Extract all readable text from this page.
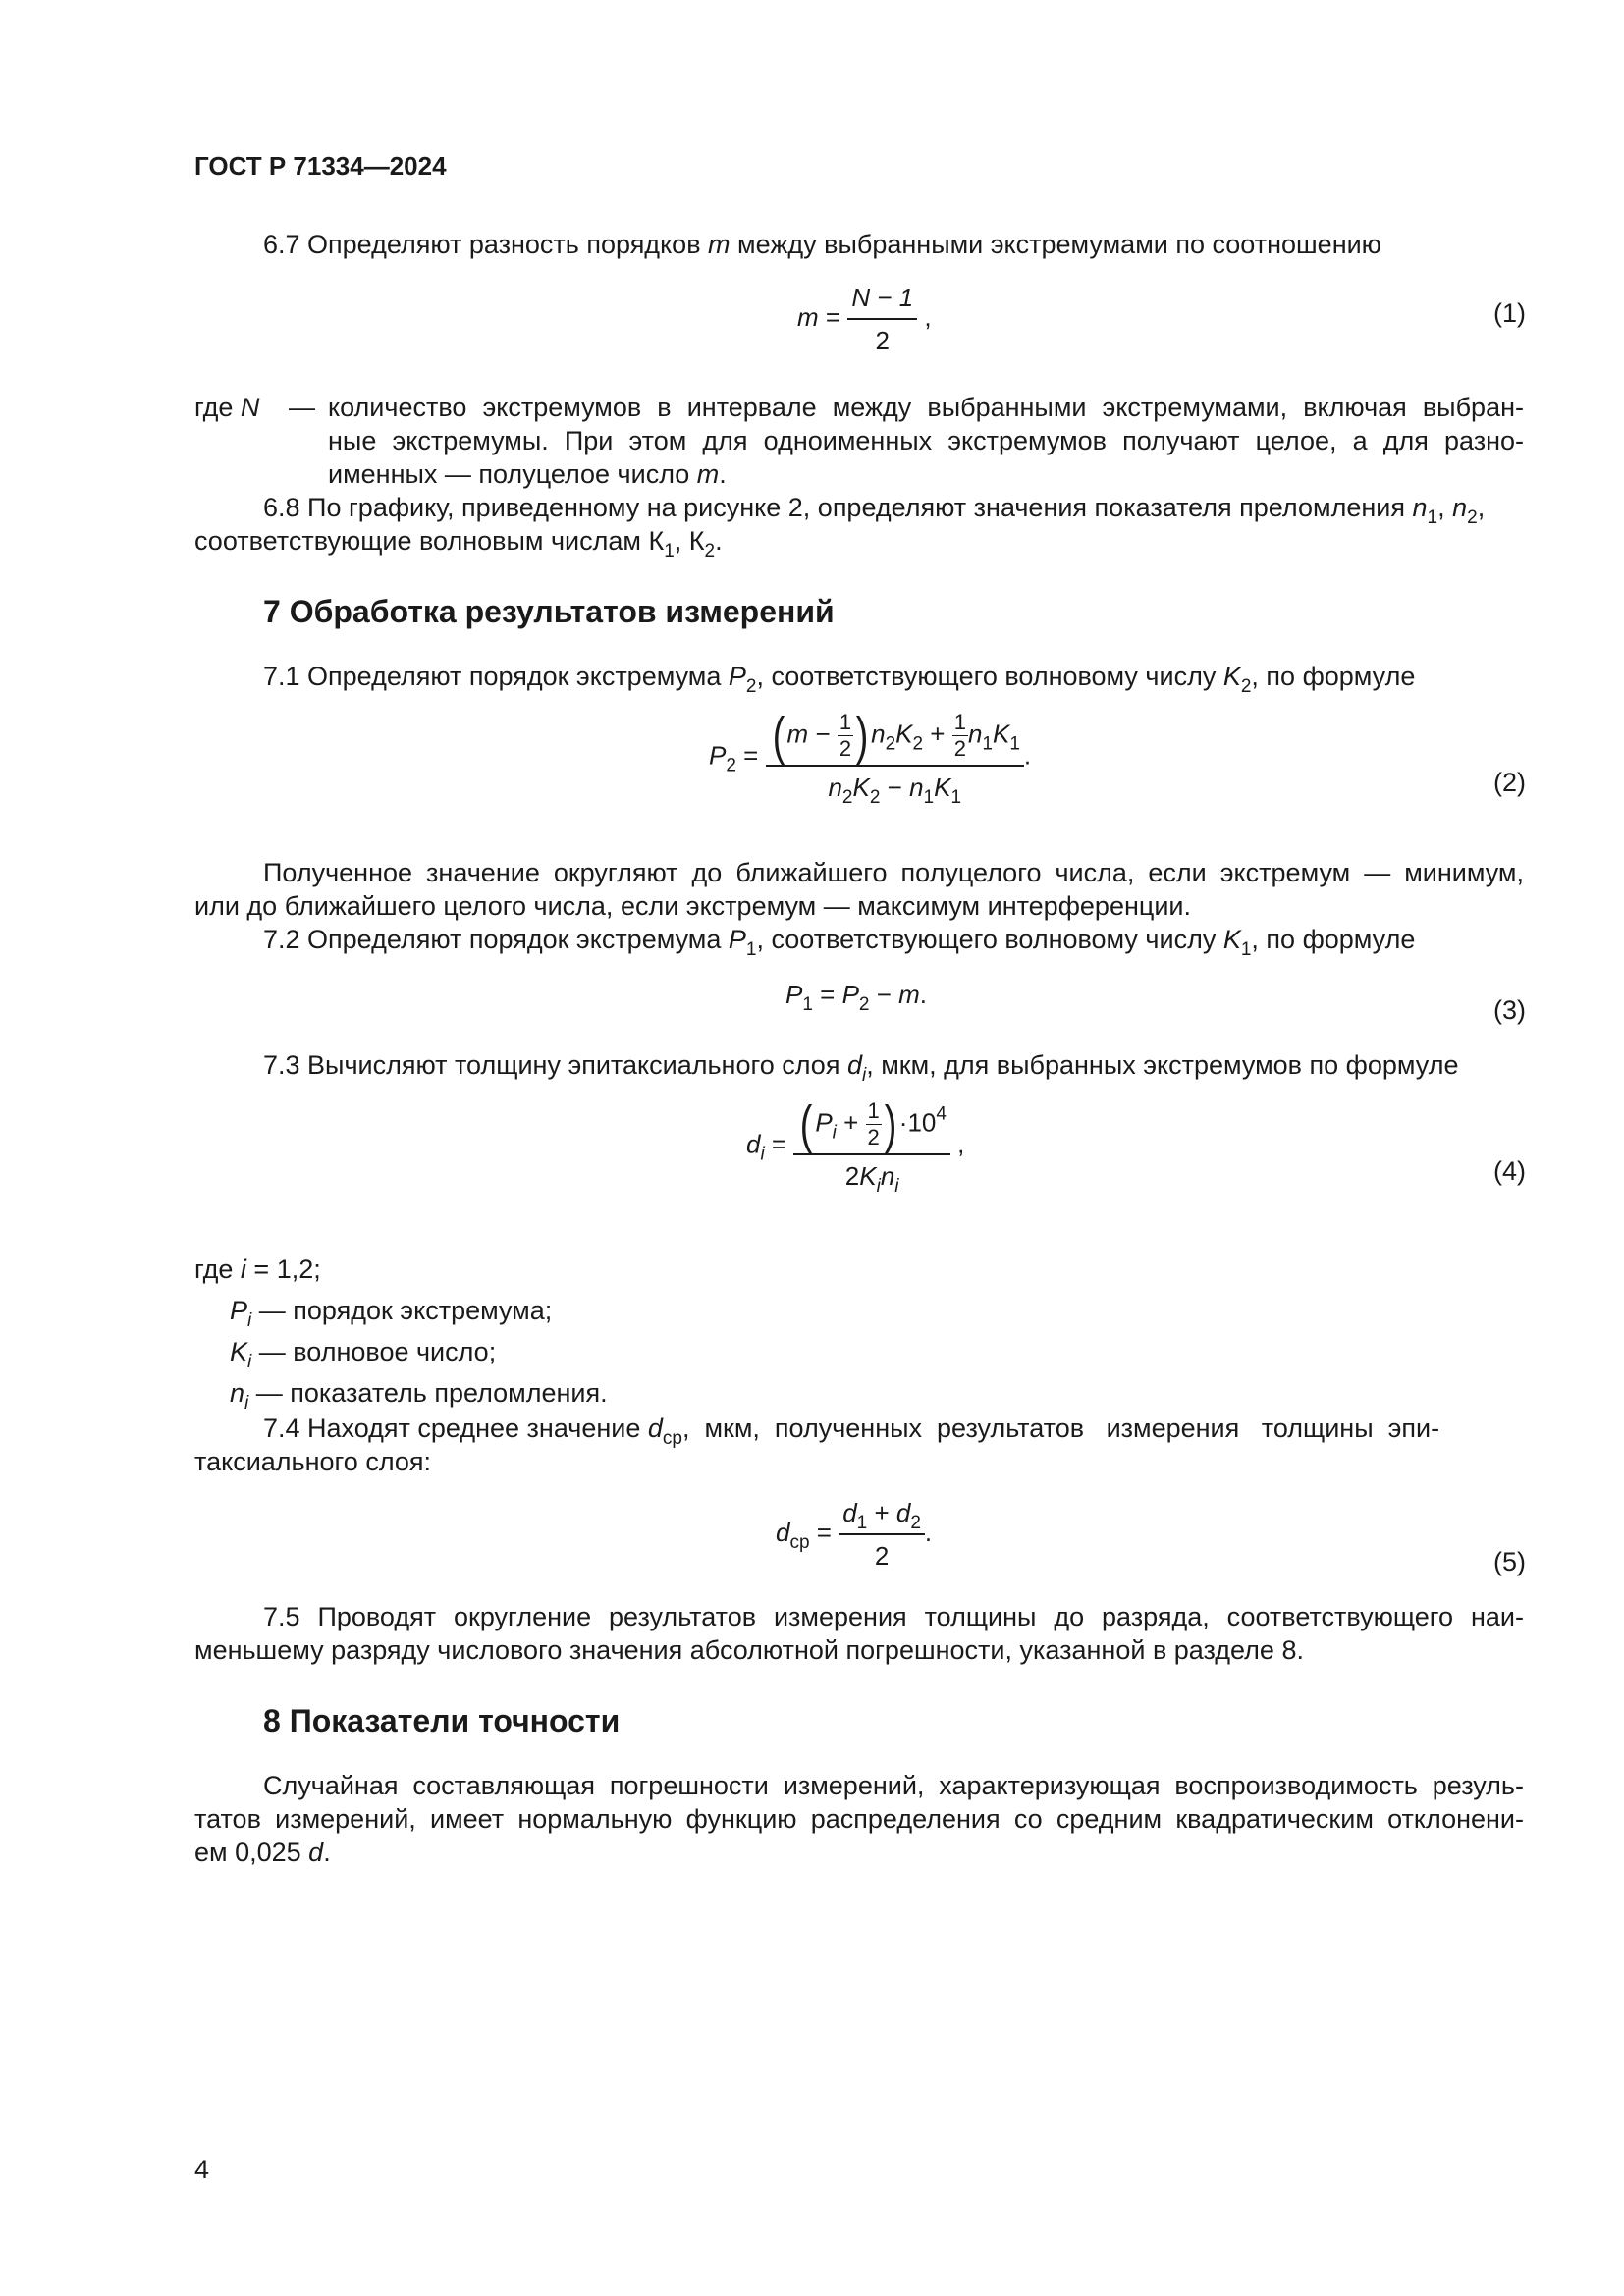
ГОСТ Р 71334—2024
6.7 Определяют разность порядков m между выбранными экстремумами по соотношению
$m = \frac{N - 1}{2}$ ,	(1)
где N — количество экстремумов в интервале между выбранными экстремумами, включая выбран-
ные экстремумы. При этом для одноименных экстремумов получают целое, а для разно-
именных — полуцелое число m.
6.8 По графику, приведенному на рисунке 2, определяют значения показателя преломления $n_1$, $n_2$,
соответствующие волновым числам $К_1$, $К_2$.
7 Обработка результатов измерений
7.1 Определяют порядок экстремума $P_2$, соответствующего волновому числу $K_2$, по формуле
$P_2 = \frac{( m - \frac{1}{2} ) n_2K_2 + \frac{1}{2} n_1K_1}{n_2K_2 - n_1K_1}$ .
(2)
Полученное значение округляют до ближайшего полуцелого числа, если экстремум — минимум,
или до ближайшего целого числа, если экстремум — максимум интерференции.
7.2 Определяют порядок экстремума $P_1$, соответствующего волновому числу $K_1$, по формуле
$P_1 = P_2 - m$.
(3)
7.3 Вычисляют толщину эпитаксиального слоя $d_i$, мкм, для выбранных экстремумов по формуле
$d_i = \frac{( P_i + \frac{1}{2} ) \cdot 10^4}{2K_in_i}$ ,
(4)
где i = 1,2;
$P_i$ — порядок экстремума;
$K_i$ — волновое число;
$n_i$ — показатель преломления.
7.4 Находят среднее значение $d_{ср}$,  мкм,  полученных  результатов   измерения   толщины  эпи-
таксиального слоя:
$d_{ср} = \frac{d_1 + d_2}{2}$ .
(5)
7.5 Проводят округление результатов измерения толщины до разряда, соответствующего наи-
меньшему разряду числового значения абсолютной погрешности, указанной в разделе 8.
8 Показатели точности
Случайная составляющая погрешности измерений, характеризующая воспроизводимость резуль-
татов измерений, имеет нормальную функцию распределения со средним квадратическим отклонени-
ем 0,025 d.
4
